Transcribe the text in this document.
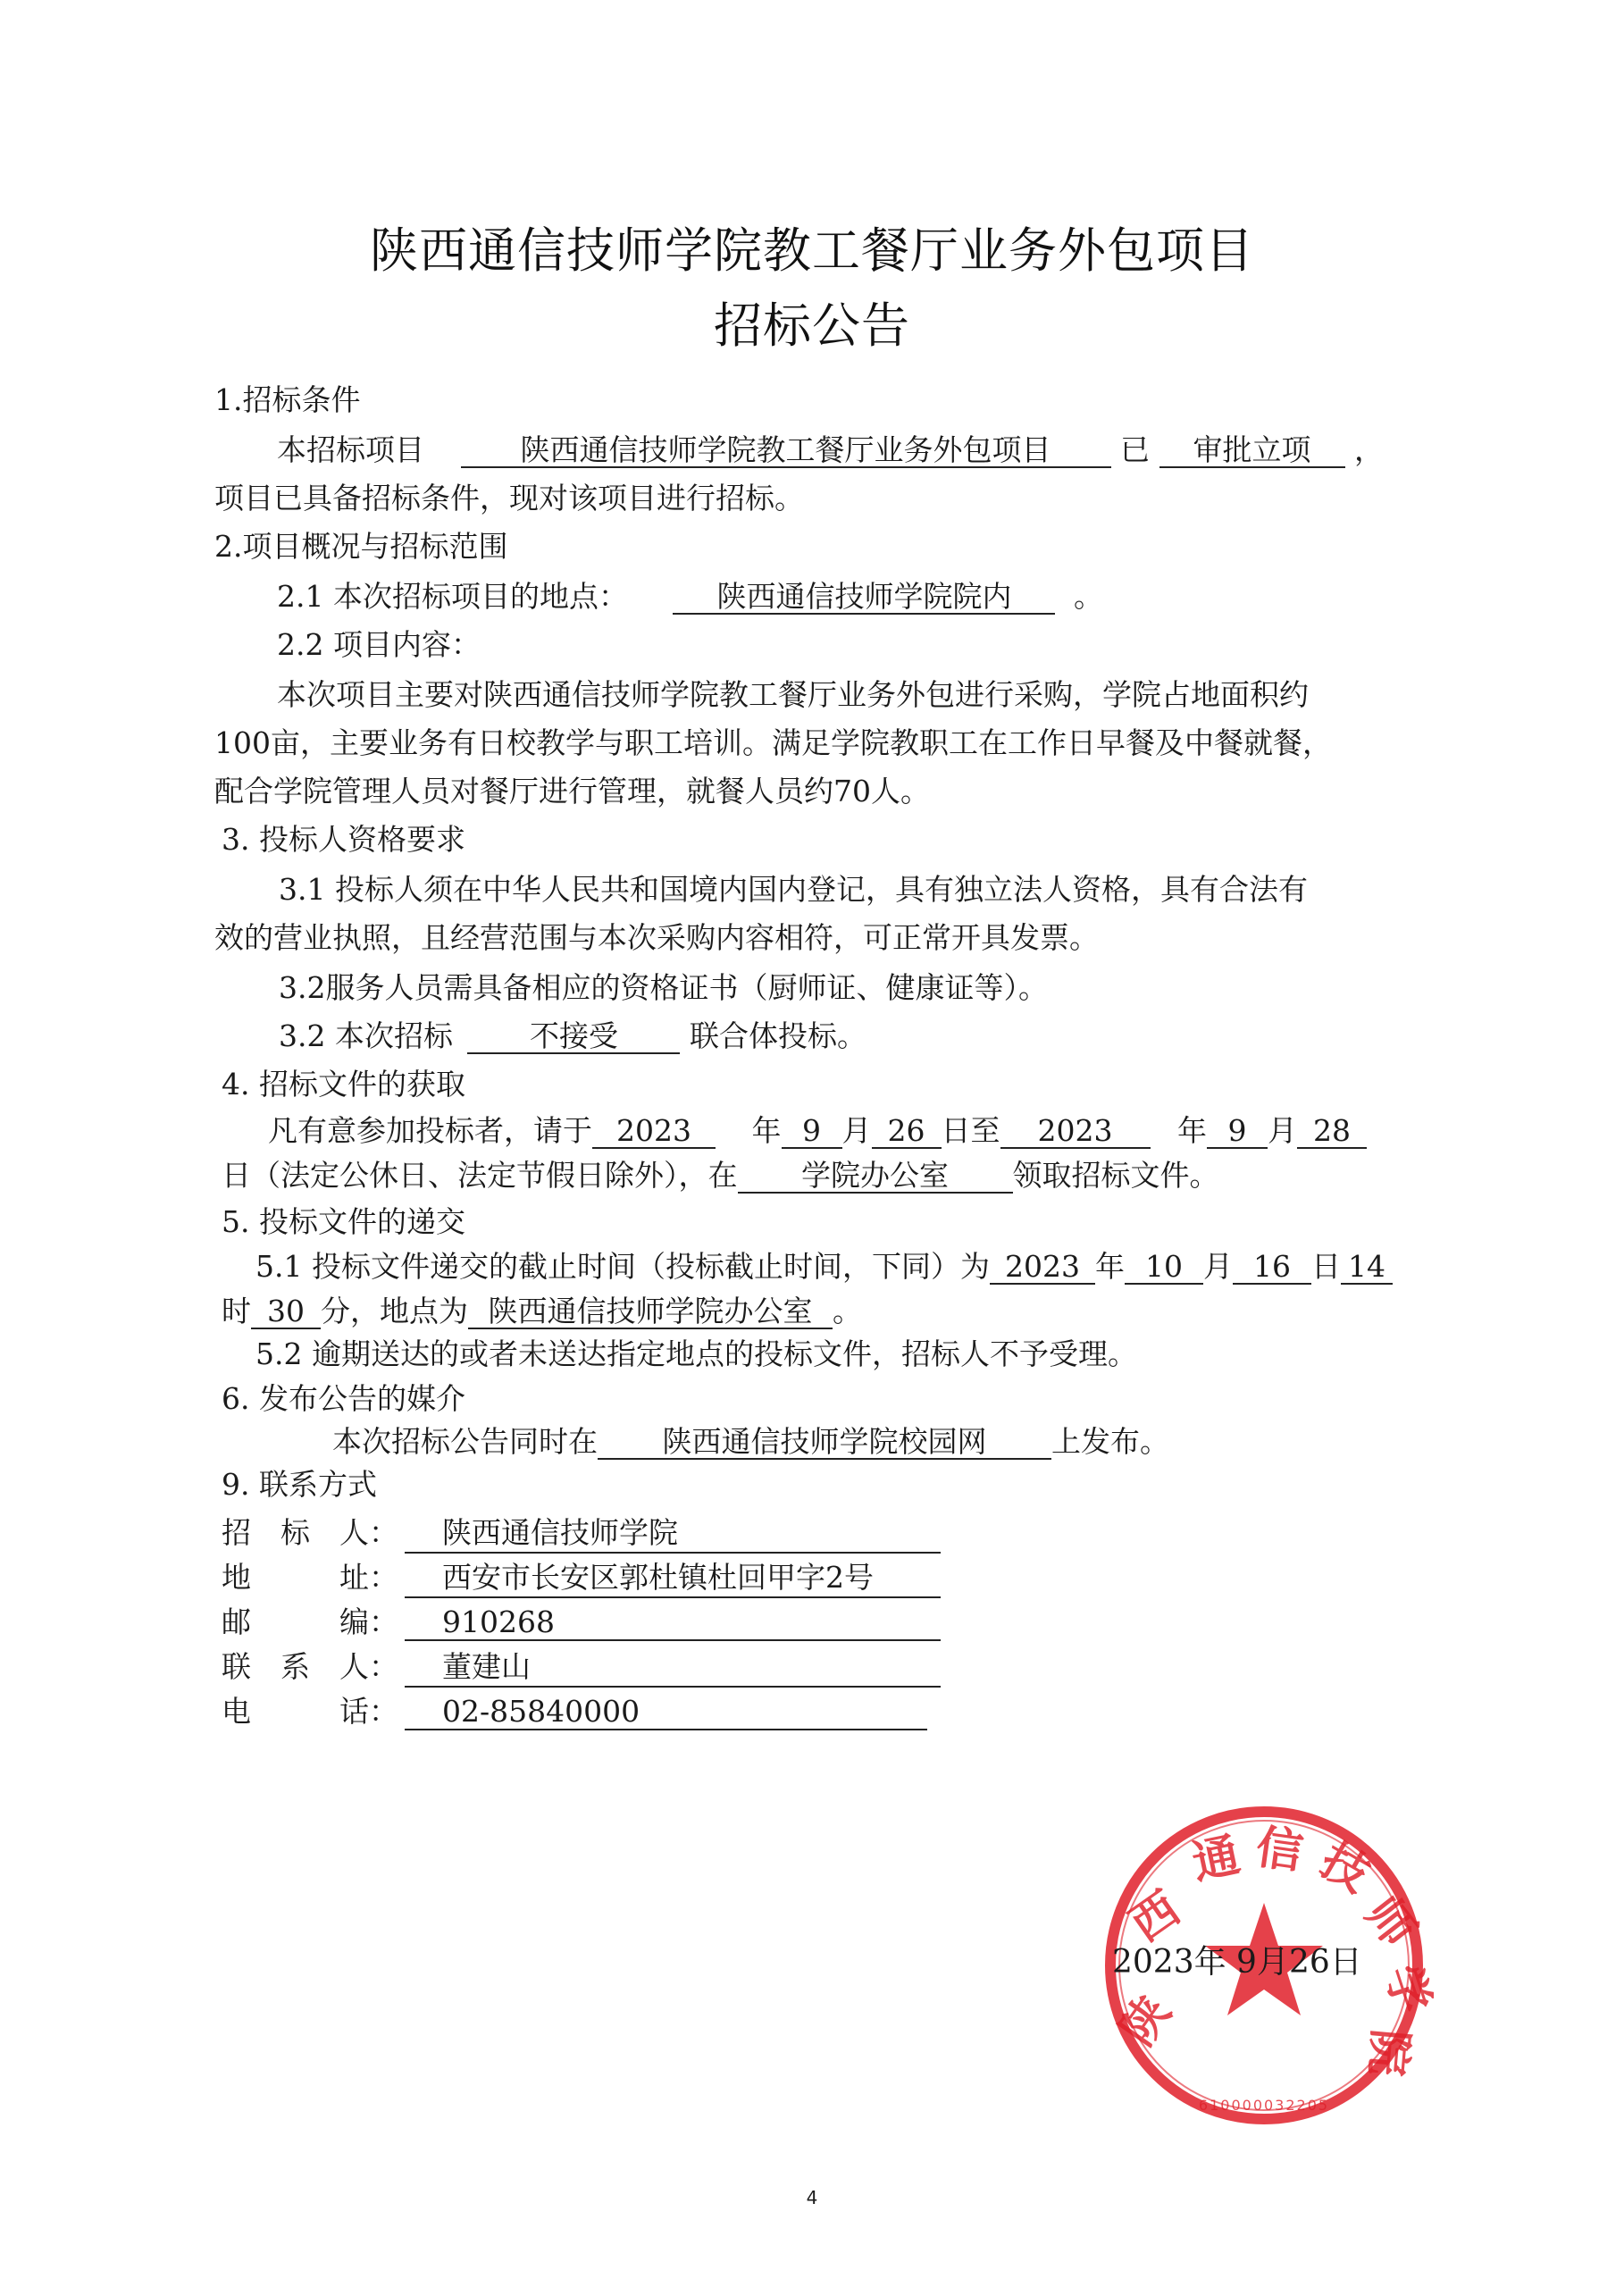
陕西通信技师学院教工餐厅业务外包项目
招标公告
1.招标条件
本招标项目	陕西通信技师学院教工餐厅业务外包项目 已 审批立项 ，
项目已具备招标条件，现对该项目进行招标。
2.项目概况与招标范围
2.1 本次招标项目的地点：	陕西通信技师学院院内 。
2.2 项目内容：
本次项目主要对陕西通信技师学院教工餐厅业务外包进行采购，学院占地面积约
100亩，主要业务有日校教学与职工培训。满足学院教职工在工作日早餐及中餐就餐，
配合学院管理人员对餐厅进行管理，就餐人员约70人。
3. 投标人资格要求
3.1 投标人须在中华人民共和国境内国内登记，具有独立法人资格，具有合法有
效的营业执照，且经营范围与本次采购内容相符，可正常开具发票。
3.2服务人员需具备相应的资格证书（厨师证、健康证等）。
3.2 本次招标	不接受 联合体投标。
4. 招标文件的获取
凡有意参加投标者，请于 2023 年 9 月 26 日至 2023 年 9 月 28
日（法定公休日、法定节假日除外），在 学院办公室 领取招标文件。
5. 投标文件的递交
5.1 投标文件递交的截止时间（投标截止时间，下同）为 2023 年 10 月 16 日 14
时 30 分，地点为 陕西通信技师学院办公室 。
5.2 逾期送达的或者未送达指定地点的投标文件，招标人不予受理。
6. 发布公告的媒介
本次招标公告同时在 陕西通信技师学院校园网 上发布。
9. 联系方式
招　标　人： 陕西通信技师学院
地　　　址： 西安市长安区郭杜镇杜回甲字2号
邮　　　编： 910268
联　系　人： 董建山
电　　　话： 02-85840000
陕
西
通 信 技
师
学
院
610000032205
2023年 9月26日
4
